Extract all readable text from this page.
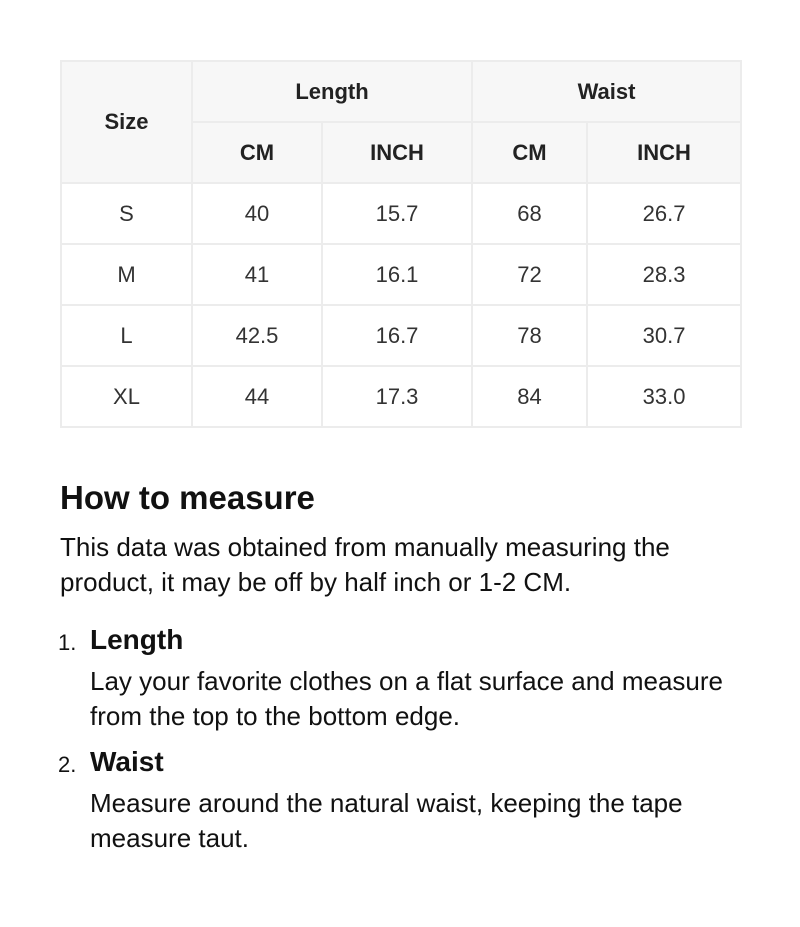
Size	Length		Waist	
	CM	INCH	CM	INCH
S	40	15.7	68	26.7
M	41	16.1	72	28.3
L	42.5	16.7	78	30.7
XL	44	17.3	84	33.0
How to measure

This data was obtained from manually measuring the product, it may be off by half inch or 1-2 CM.

1. Length
Lay your favorite clothes on a flat surface and measure from the top to the bottom edge.
2. Waist
Measure around the natural waist, keeping the tape measure taut.
